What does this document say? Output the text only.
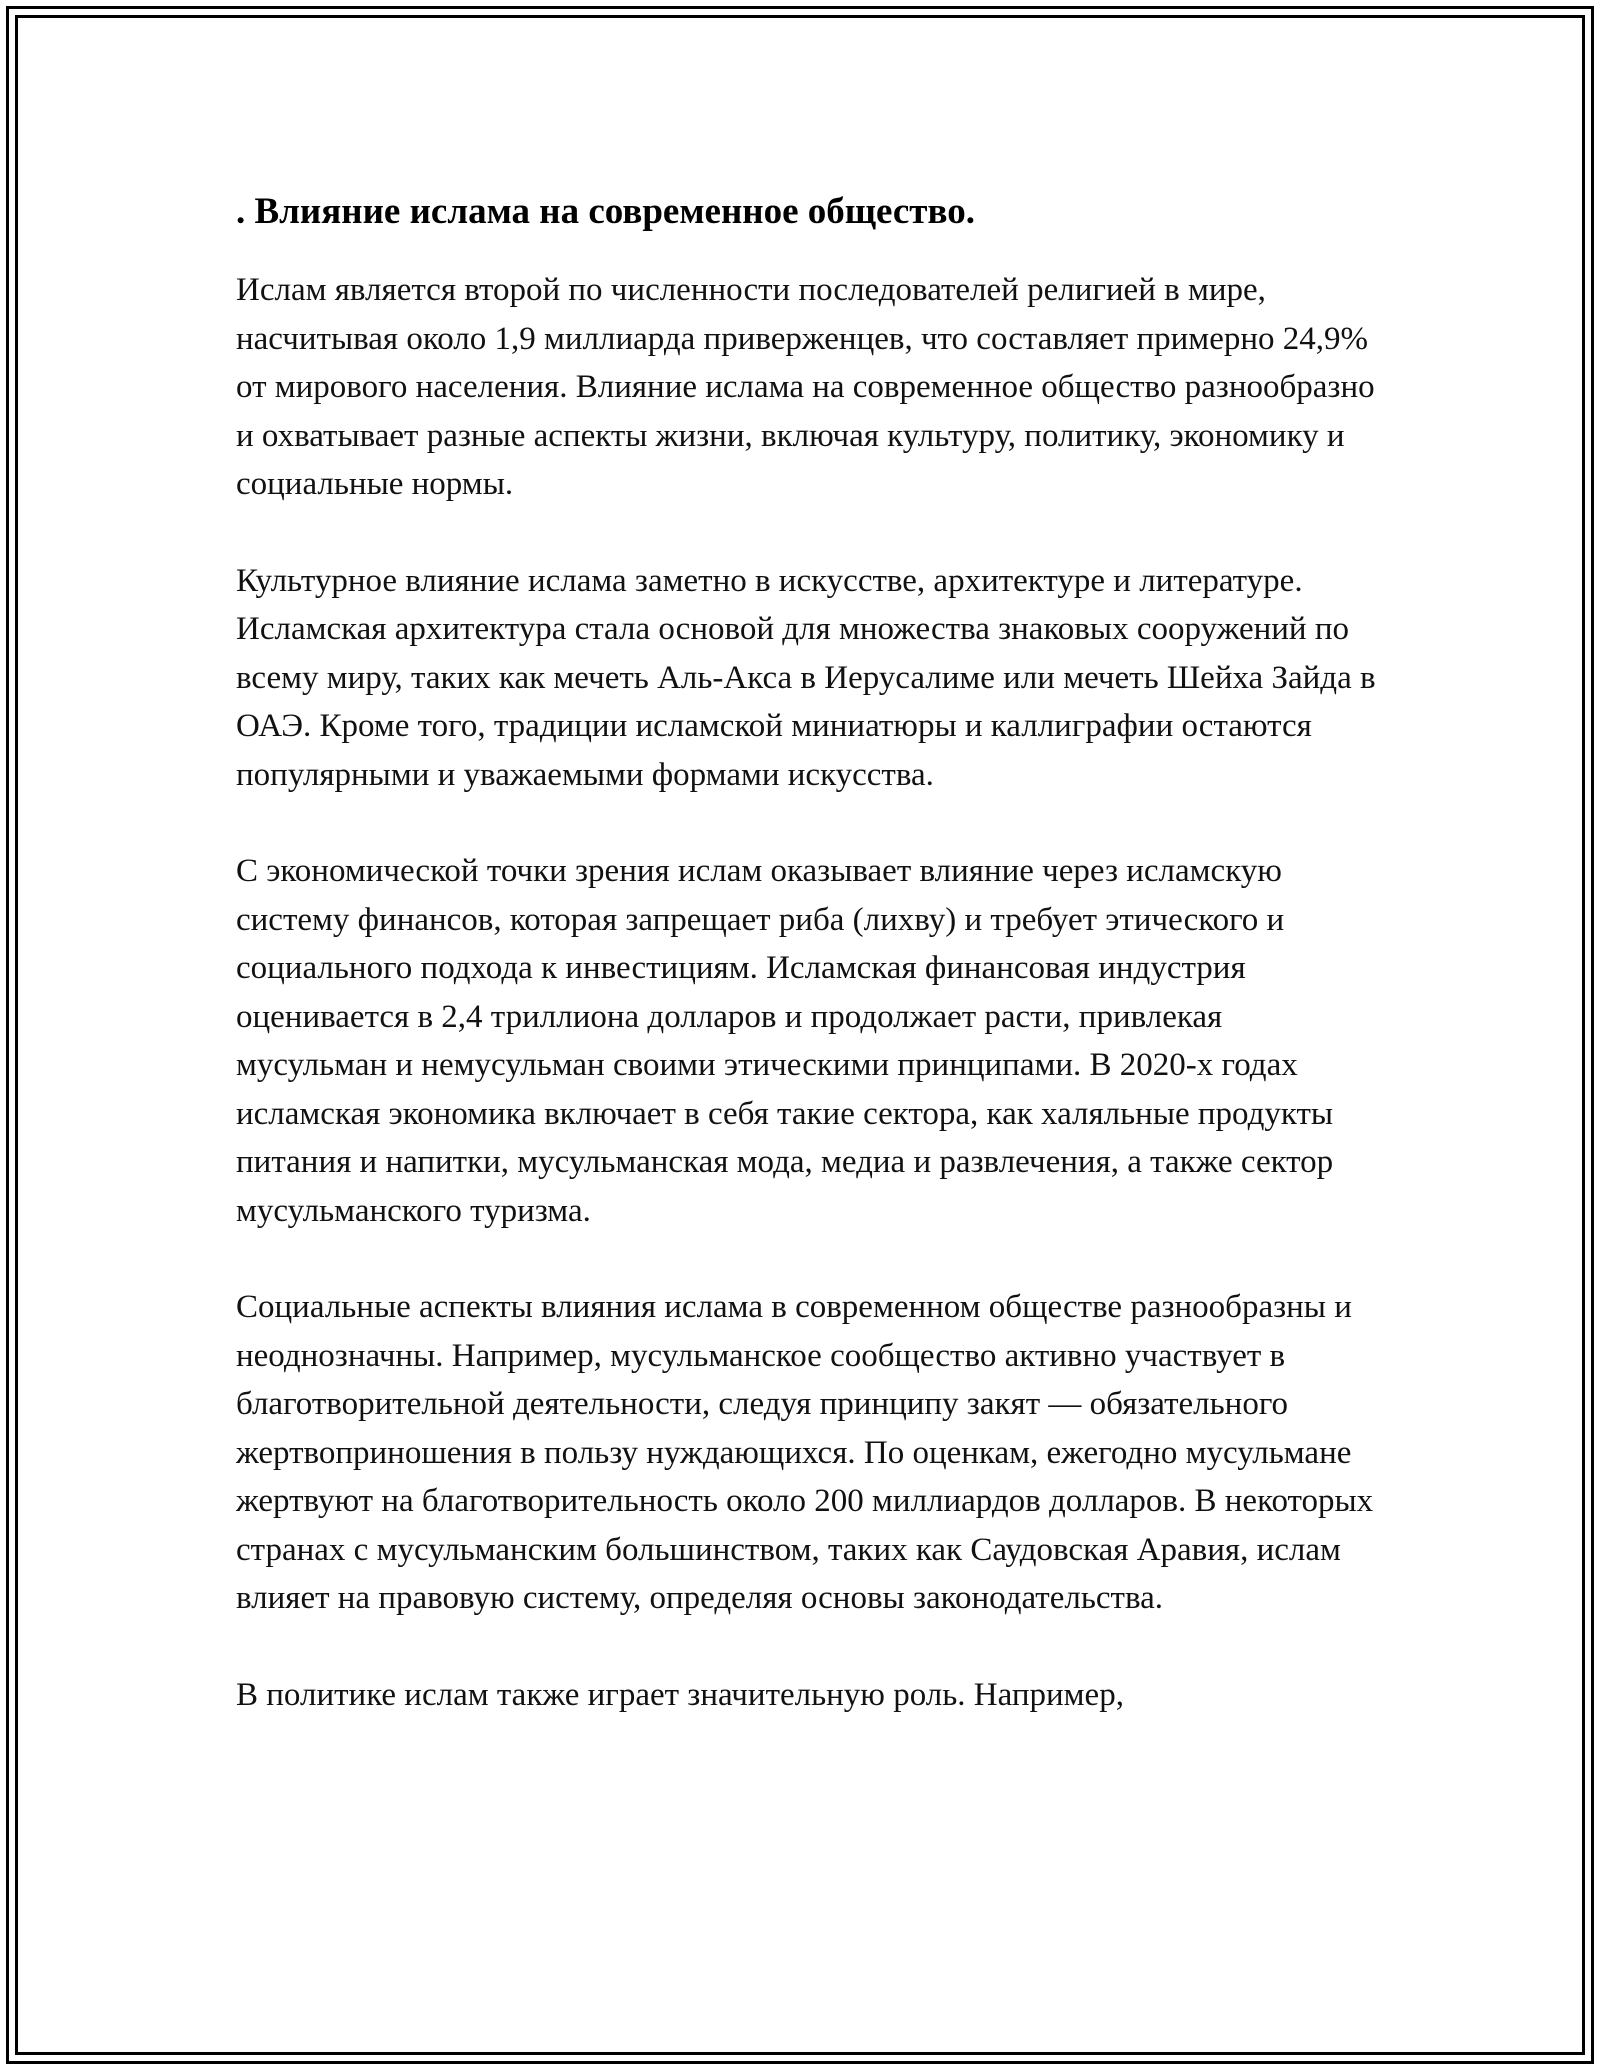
. Влияние ислама на современное общество.

Ислам является второй по численности последователей религией в мире, насчитывая около 1,9 миллиарда приверженцев, что составляет примерно 24,9% от мирового населения. Влияние ислама на современное общество разнообразно и охватывает разные аспекты жизни, включая культуру, политику, экономику и социальные нормы.

Культурное влияние ислама заметно в искусстве, архитектуре и литературе. Исламская архитектура стала основой для множества знаковых сооружений по всему миру, таких как мечеть Аль-Акса в Иерусалиме или мечеть Шейха Зайда в ОАЭ. Кроме того, традиции исламской миниатюры и каллиграфии остаются популярными и уважаемыми формами искусства.

С экономической точки зрения ислам оказывает влияние через исламскую систему финансов, которая запрещает риба (лихву) и требует этического и социального подхода к инвестициям. Исламская финансовая индустрия оценивается в 2,4 триллиона долларов и продолжает расти, привлекая мусульман и немусульман своими этическими принципами. В 2020-х годах исламская экономика включает в себя такие сектора, как халяльные продукты питания и напитки, мусульманская мода, медиа и развлечения, а также сектор мусульманского туризма.

Социальные аспекты влияния ислама в современном обществе разнообразны и неоднозначны. Например, мусульманское сообщество активно участвует в благотворительной деятельности, следуя принципу закят — обязательного жертвоприношения в пользу нуждающихся. По оценкам, ежегодно мусульмане жертвуют на благотворительность около 200 миллиардов долларов. В некоторых странах с мусульманским большинством, таких как Саудовская Аравия, ислам влияет на правовую систему, определяя основы законодательства.

В политике ислам также играет значительную роль. Например,
